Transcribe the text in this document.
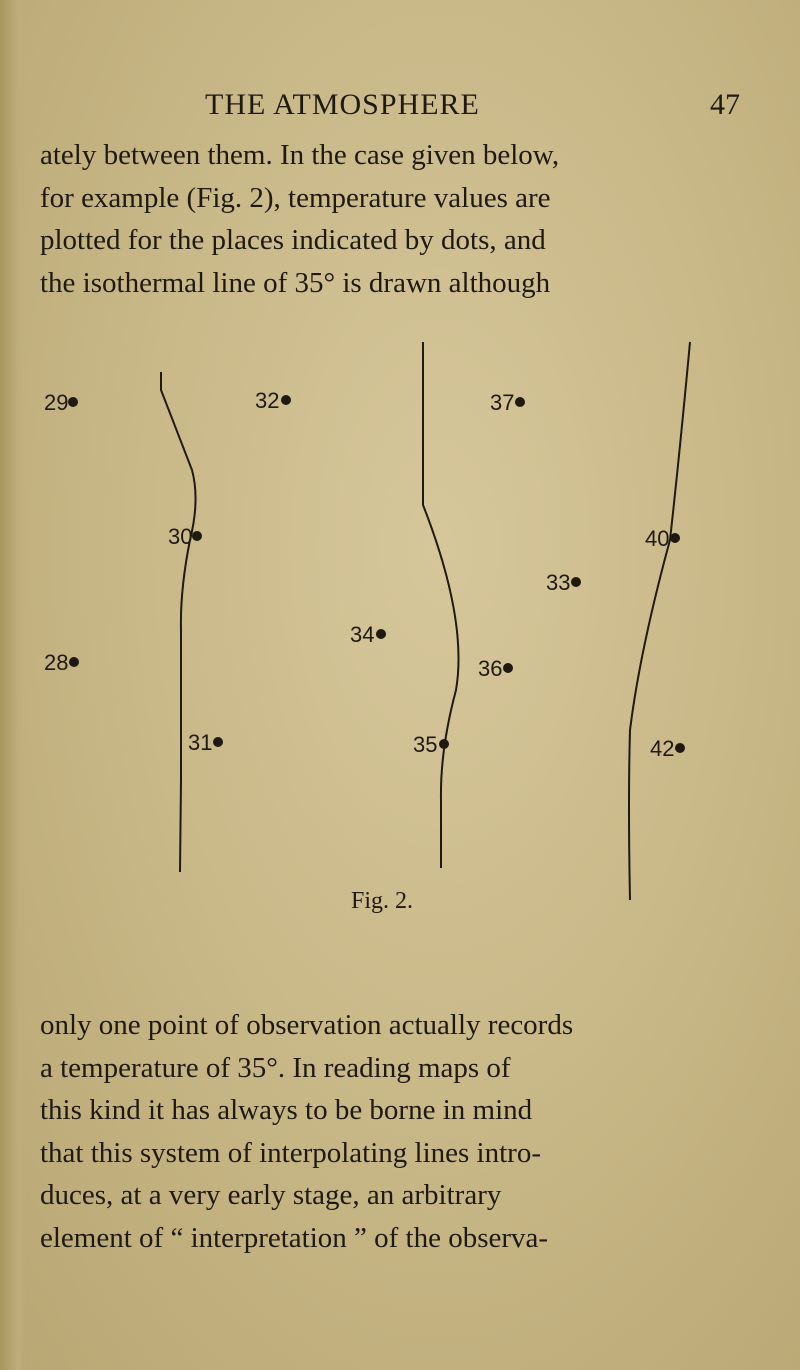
THE ATMOSPHERE	47
ately between them. In the case given below,
for example (Fig. 2), temperature values are
plotted for the places indicated by dots, and
the isothermal line of 35° is drawn although
29	32
30
28
31
34
35
37
33
36
40
42
Fig. 2.
only one point of observation actually records
a temperature of 35°. In reading maps of
this kind it has always to be borne in mind
that this system of interpolating lines intro-
duces, at a very early stage, an arbitrary
element of “ interpretation ” of the observa-
